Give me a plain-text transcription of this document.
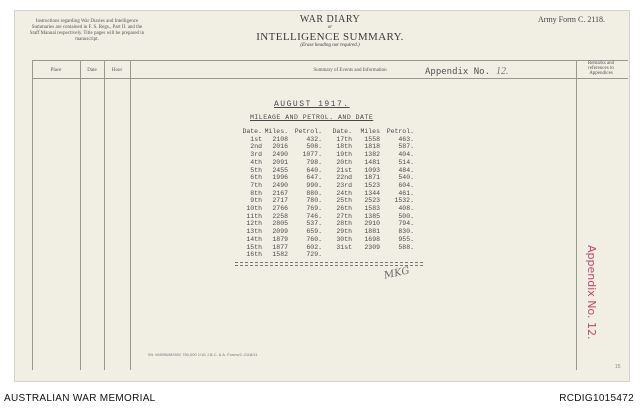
Instructions regarding War Diaries and Intelligence Summaries are contained in F. S. Regs., Part II. and the Staff Manual respectively. Title pages will be prepared in manuscript.
WAR DIARY
or
INTELLIGENCE SUMMARY.
(Erase heading not required.)
Army Form C. 2118.
Place	Date	Hour	Summary of Events and Information
Remarks and references to Appendices
Appendix No. 12.
AUGUST 1917.
MILEAGE AND PETROL. AND DATE
Date.	Miles.	Petrol.	Date.	Miles	Petrol.
1st	2108	432.	17th	1558	463.
2nd	2016	508.	18th	1818	587.
3rd	2490	1077.	19th	1382	404.
4th	2091	798.	20th	1481	514.
5th	2455	640.	21st	1093	484.
6th	1996	647.	22nd	1871	540.
7th	2490	990.	23rd	1523	604.
8th	2167	880.	24th	1344	461.
9th	2717	780.	25th	2523	1532.
10th	2766	769.	26th	1583	408.
11th	2258	746.	27th	1385	500.
12th	2805	537.	28th	2910	794.
13th	2099	659.	29th	1881	830.
14th	1879	760.	30th	1698	955.
15th	1877	602.	31st	2309	588.
16th	1582	729.			
MKG	Appendix No. 12.
Wt. W4956/M2692 750,000 1/16 J.B.C. & A. Forms/C.2118/11
15
AUSTRALIAN WAR MEMORIAL	RCDIG1015472
